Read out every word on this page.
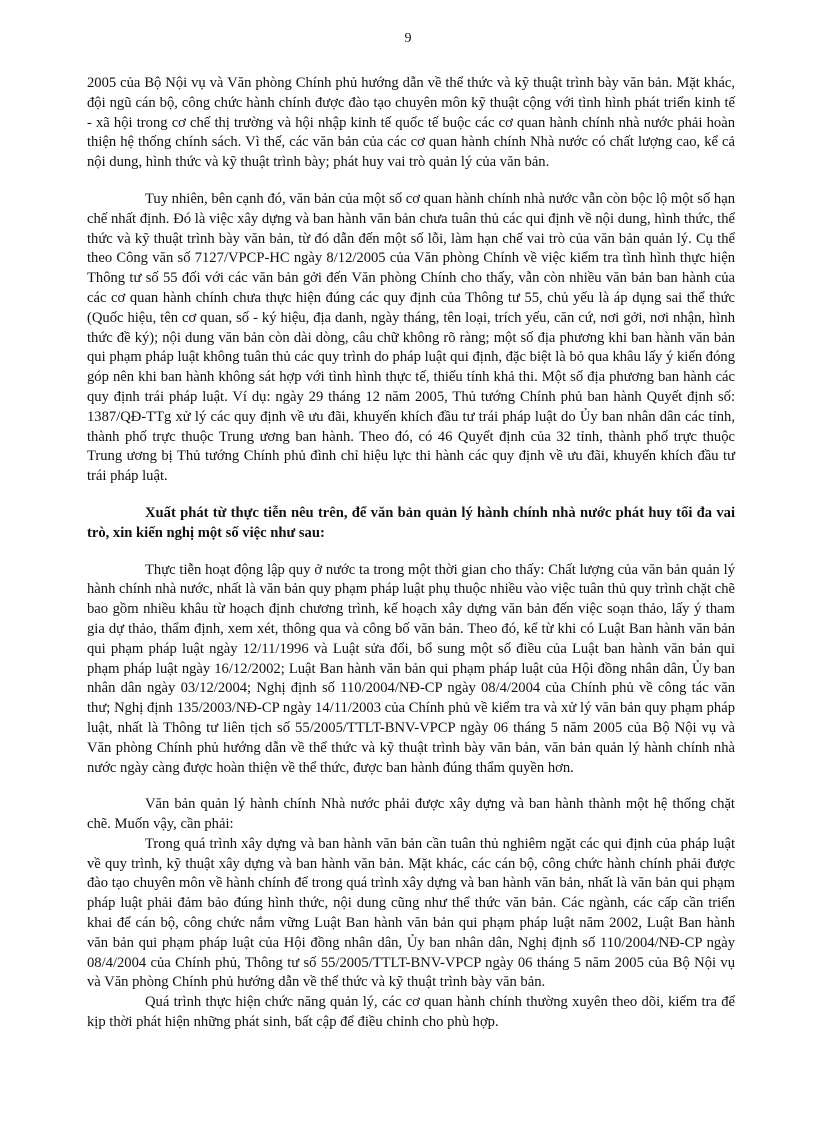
9

2005 của Bộ Nội vụ và Văn phòng Chính phủ hướng dẫn về thể thức và kỹ thuật trình bày văn bản. Mặt khác, đội ngũ cán bộ, công chức hành chính được đào tạo chuyên môn kỹ thuật cộng với tình hình phát triển kinh tế - xã hội trong cơ chế thị trường và hội nhập kinh tế quốc tế buộc các cơ quan hành chính nhà nước phải hoàn thiện hệ thống chính sách. Vì thế, các văn bản của các cơ quan hành chính Nhà nước có chất lượng cao, kể cả nội dung, hình thức và kỹ thuật trình bày; phát huy vai trò quản lý của văn bản.

Tuy nhiên, bên cạnh đó, văn bản của một số cơ quan hành chính nhà nước vẫn còn bộc lộ một số hạn chế nhất định. Đó là việc xây dựng và ban hành văn bản chưa tuân thủ các qui định về nội dung, hình thức, thể thức và kỹ thuật trình bày văn bản, từ đó dẫn đến một số lỗi, làm hạn chế vai trò của văn bản quản lý. Cụ thể theo Công văn số 7127/VPCP-HC ngày 8/12/2005 của Văn phòng Chính về việc kiểm tra tình hình thực hiện Thông tư số 55 đối với các văn bản gởi đến Văn phòng Chính cho thấy, vẫn còn nhiều văn bản ban hành của các cơ quan hành chính chưa thực hiện đúng các quy định của Thông tư 55, chủ yếu là áp dụng sai thể thức (Quốc hiệu, tên cơ quan, số - ký hiệu, địa danh, ngày tháng, tên loại, trích yếu, căn cứ, nơi gởi, nơi nhận, hình thức đề ký); nội dung văn bản còn dài dòng, câu chữ không rõ ràng; một số địa phương khi ban hành văn bản qui phạm pháp luật không tuân thủ các quy trình do pháp luật qui định, đặc biệt là bỏ qua khâu lấy ý kiến đóng góp nên khi ban hành không sát hợp với tình hình thực tế, thiếu tính khả thi. Một số địa phương ban hành các quy định trái pháp luật. Ví dụ: ngày 29 tháng 12 năm 2005, Thủ tướng Chính phủ ban hành Quyết định số: 1387/QĐ-TTg xử lý các quy định về ưu đãi, khuyến khích đầu tư trái pháp luật do Ủy ban nhân dân các tỉnh, thành phố trực thuộc Trung ương ban hành. Theo đó, có 46 Quyết định của 32 tỉnh, thành phố trực thuộc Trung ương bị Thủ tướng Chính phủ đình chỉ hiệu lực thi hành các quy định về ưu đãi, khuyến khích đầu tư trái pháp luật.

Xuất phát từ thực tiễn nêu trên, để văn bản quản lý hành chính nhà nước phát huy tối đa vai trò, xin kiến nghị một số việc như sau:

Thực tiễn hoạt động lập quy ở nước ta trong một thời gian cho thấy: Chất lượng của văn bản quản lý hành chính nhà nước, nhất là văn bản quy phạm pháp luật phụ thuộc nhiều vào việc tuân thủ quy trình chặt chẽ bao gồm nhiều khâu từ hoạch định chương trình, kế hoạch xây dựng văn bản đến việc soạn thảo, lấy ý tham gia dự thảo, thẩm định, xem xét, thông qua và công bố văn bản. Theo đó, kể từ khi có Luật Ban hành văn bản qui phạm pháp luật ngày 12/11/1996 và Luật sửa đổi, bổ sung một số điều của Luật ban hành văn bản qui phạm pháp luật ngày 16/12/2002; Luật Ban hành văn bản qui phạm pháp luật của Hội đồng nhân dân, Ủy ban nhân dân ngày 03/12/2004; Nghị định số 110/2004/NĐ-CP ngày 08/4/2004 của Chính phủ về công tác văn thư; Nghị định 135/2003/NĐ-CP ngày 14/11/2003 của Chính phủ về kiểm tra và xử lý văn bản quy phạm pháp luật, nhất là Thông tư liên tịch số 55/2005/TTLT-BNV-VPCP ngày 06 tháng 5 năm 2005 của Bộ Nội vụ và Văn phòng Chính phủ hướng dẫn về thể thức và kỹ thuật trình bày văn bản, văn bản quản lý hành chính nhà nước ngày càng được hoàn thiện về thể thức, được ban hành đúng thẩm quyền hơn.

Văn bản quản lý hành chính Nhà nước phải được xây dựng và ban hành thành một hệ thống chặt chẽ. Muốn vậy, cần phải:

Trong quá trình xây dựng và ban hành văn bản cần tuân thủ nghiêm ngặt các qui định của pháp luật về quy trình, kỹ thuật xây dựng và ban hành văn bản. Mặt khác, các cán bộ, công chức hành chính phải được đào tạo chuyên môn về hành chính để trong quá trình xây dựng và ban hành văn bản, nhất là văn bản qui phạm pháp luật phải đảm bảo đúng hình thức, nội dung cũng như thể thức văn bản. Các ngành, các cấp cần triển khai để cán bộ, công chức nắm vững Luật Ban hành văn bản qui phạm pháp luật năm 2002, Luật Ban hành văn bản qui phạm pháp luật của Hội đồng nhân dân, Ủy ban nhân dân, Nghị định số 110/2004/NĐ-CP ngày 08/4/2004 của Chính phủ, Thông tư số 55/2005/TTLT-BNV-VPCP ngày 06 tháng 5 năm 2005 của Bộ Nội vụ và Văn phòng Chính phủ hướng dẫn về thể thức và kỹ thuật trình bày văn bản.

Quá trình thực hiện chức năng quản lý, các cơ quan hành chính thường xuyên theo dõi, kiểm tra để kịp thời phát hiện những phát sinh, bất cập để điều chỉnh cho phù hợp.
